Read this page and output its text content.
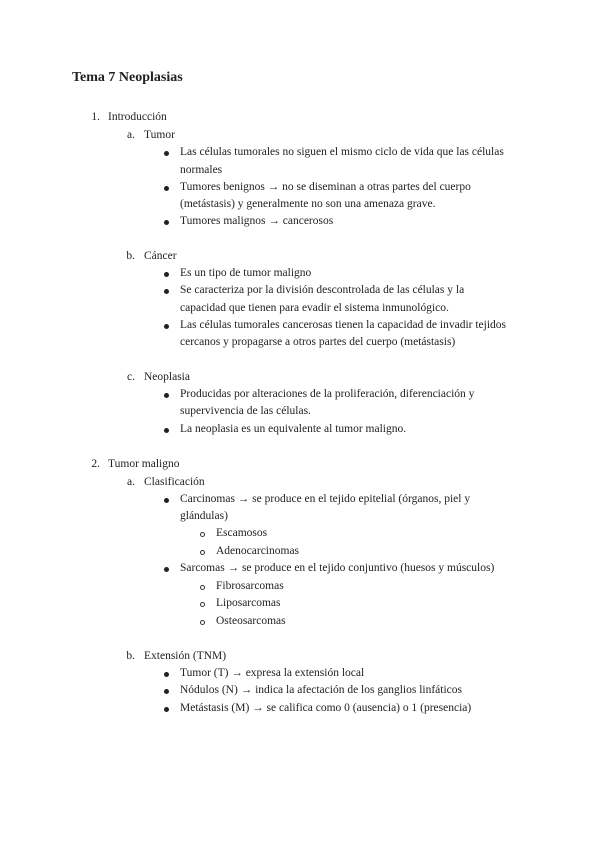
Tema 7 Neoplasias
1. Introducción
a. Tumor
Las células tumorales no siguen el mismo ciclo de vida que las células
normales
Tumores benignos → no se diseminan a otras partes del cuerpo
(metástasis) y generalmente no son una amenaza grave.
Tumores malignos → cancerosos
b. Cáncer
Es un tipo de tumor maligno
Se caracteriza por la división descontrolada de las células y la
capacidad que tienen para evadir el sistema inmunológico.
Las células tumorales cancerosas tienen la capacidad de invadir tejidos
cercanos y propagarse a otros partes del cuerpo (metástasis)
c. Neoplasia
Producidas por alteraciones de la proliferación, diferenciación y
supervivencia de las células.
La neoplasia es un equivalente al tumor maligno.
2. Tumor maligno
a. Clasificación
Carcinomas → se produce en el tejido epitelial (órganos, piel y
glándulas)
Escamosos
Adenocarcinomas
Sarcomas → se produce en el tejido conjuntivo (huesos y músculos)
Fibrosarcomas
Liposarcomas
Osteosarcomas
b. Extensión (TNM)
Tumor (T) → expresa la extensión local
Nódulos (N) → indica la afectación de los ganglios linfáticos
Metástasis (M) → se califica como 0 (ausencia) o 1 (presencia)
